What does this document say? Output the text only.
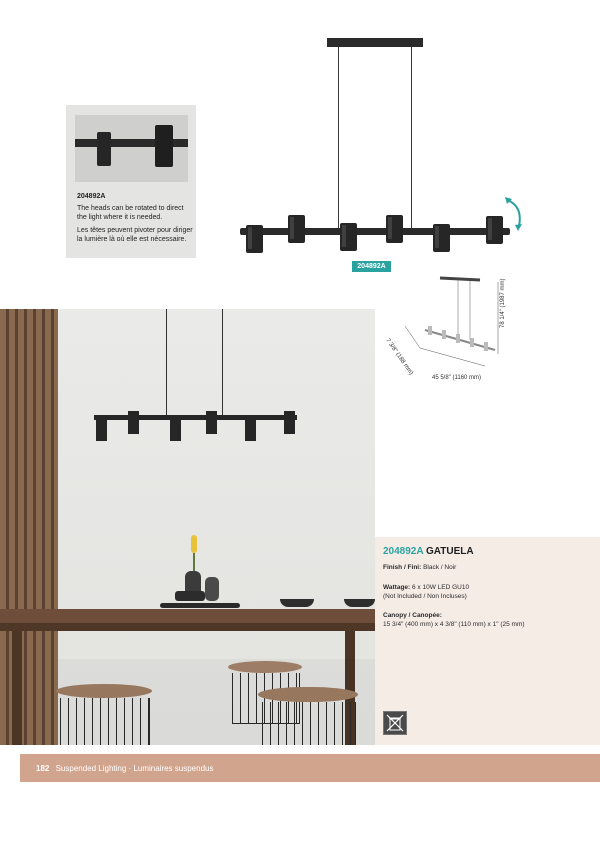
204892A

The heads can be rotated to direct the light where it is needed.

Les têtes peuvent pivoter pour diriger la lumière là où elle est nécessaire.

204892A
78 1/4" (1987 mm)
7 3/8" (188 mm)
45 5/8" (1160 mm)
204892A GATUELA
Finish / Fini: Black / Noir
Wattage: 6 x 10W LED GU10
(Not Included / Non Incluses)
Canopy / Canopée:
15 3/4" (400 mm) x 4 3/8" (110 mm) x 1" (25 mm)
182 Suspended Lighting · Luminaires suspendus
